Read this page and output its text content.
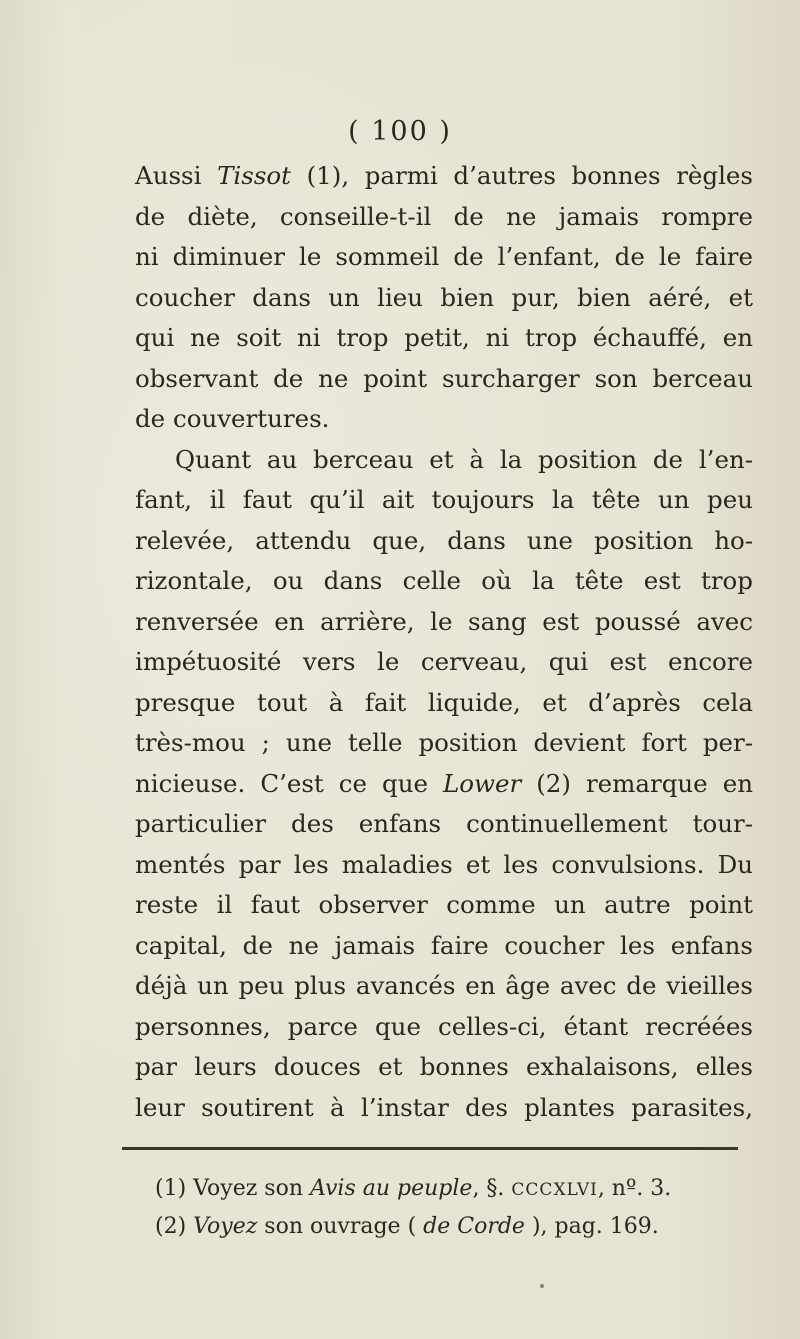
( 100 )
Aussi Tissot (1), parmi d’autres bonnes règles
de diète, conseille-t-il de ne jamais rompre
ni diminuer le sommeil de l’enfant, de le faire
coucher dans un lieu bien pur, bien aéré, et
qui ne soit ni trop petit, ni trop échauffé, en
observant de ne point surcharger son berceau
de couvertures.
Quant au berceau et à la position de l’en-
fant, il faut qu’il ait toujours la tête un peu
relevée, attendu que, dans une position ho-
rizontale, ou dans celle où la tête est trop
renversée en arrière, le sang est poussé avec
impétuosité vers le cerveau, qui est encore
presque tout à fait liquide, et d’après cela
très-mou ; une telle position devient fort per-
nicieuse. C’est ce que Lower (2) remarque en
particulier des enfans continuellement tour-
mentés par les maladies et les convulsions. Du
reste il faut observer comme un autre point
capital, de ne jamais faire coucher les enfans
déjà un peu plus avancés en âge avec de vieilles
personnes, parce que celles-ci, étant recréées
par leurs douces et bonnes exhalaisons, elles
leur soutirent à l’instar des plantes parasites,
(1) Voyez son Avis au peuple, §. CCCXLVI, nº. 3.
(2) Voyez son ouvrage ( de Corde ), pag. 169.
